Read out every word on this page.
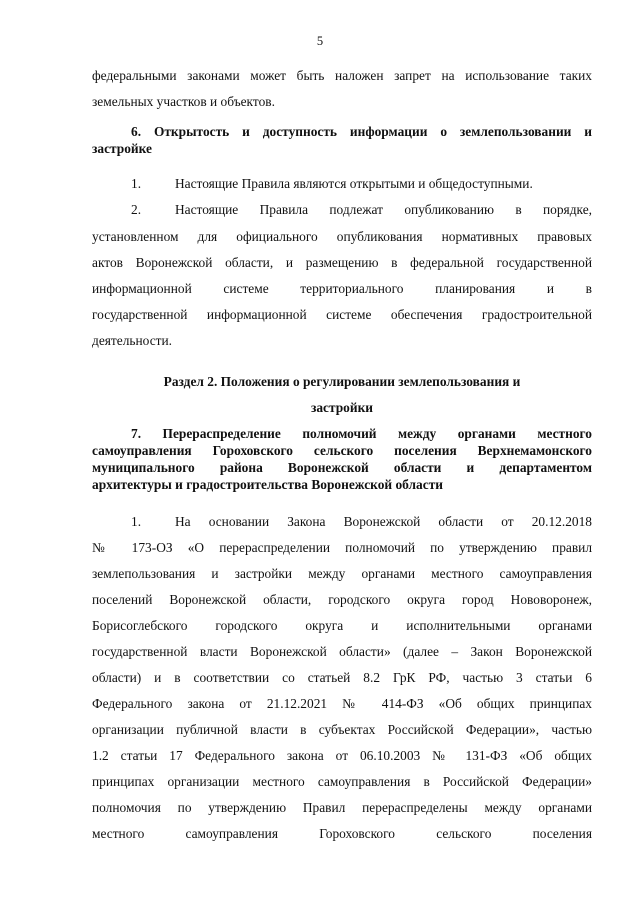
5
федеральными законами может быть наложен запрет на использование таких
земельных участков и объектов.
6. Открытость и доступность информации о землепользовании и
застройке
1.	Настоящие Правила являются открытыми и общедоступными.
2.	Настоящие Правила подлежат опубликованию в порядке,
установленном для официального опубликования нормативных правовых
актов Воронежской области, и размещению в федеральной государственной
информационной системе территориального планирования и в
государственной информационной системе обеспечения градостроительной
деятельности.
Раздел 2. Положения о регулировании землепользования и
застройки
7. Перераспределение полномочий между органами местного
самоуправления Гороховского сельского поселения Верхнемамонского
муниципального района Воронежской области и департаментом
архитектуры и градостроительства Воронежской области
1.	На основании Закона Воронежской области от 20.12.2018
№ 173-ОЗ «О перераспределении полномочий по утверждению правил
землепользования и застройки между органами местного самоуправления
поселений Воронежской области, городского округа город Нововоронеж,
Борисоглебского городского округа и исполнительными органами
государственной власти Воронежской области» (далее – Закон Воронежской
области) и в соответствии со статьей 8.2 ГрК РФ, частью 3 статьи 6
Федерального закона от 21.12.2021 № 414-ФЗ «Об общих принципах
организации публичной власти в субъектах Российской Федерации», частью
1.2 статьи 17 Федерального закона от 06.10.2003 № 131-ФЗ «Об общих
принципах организации местного самоуправления в Российской Федерации»
полномочия по утверждению Правил перераспределены между органами
местного самоуправления Гороховского сельского поселения
